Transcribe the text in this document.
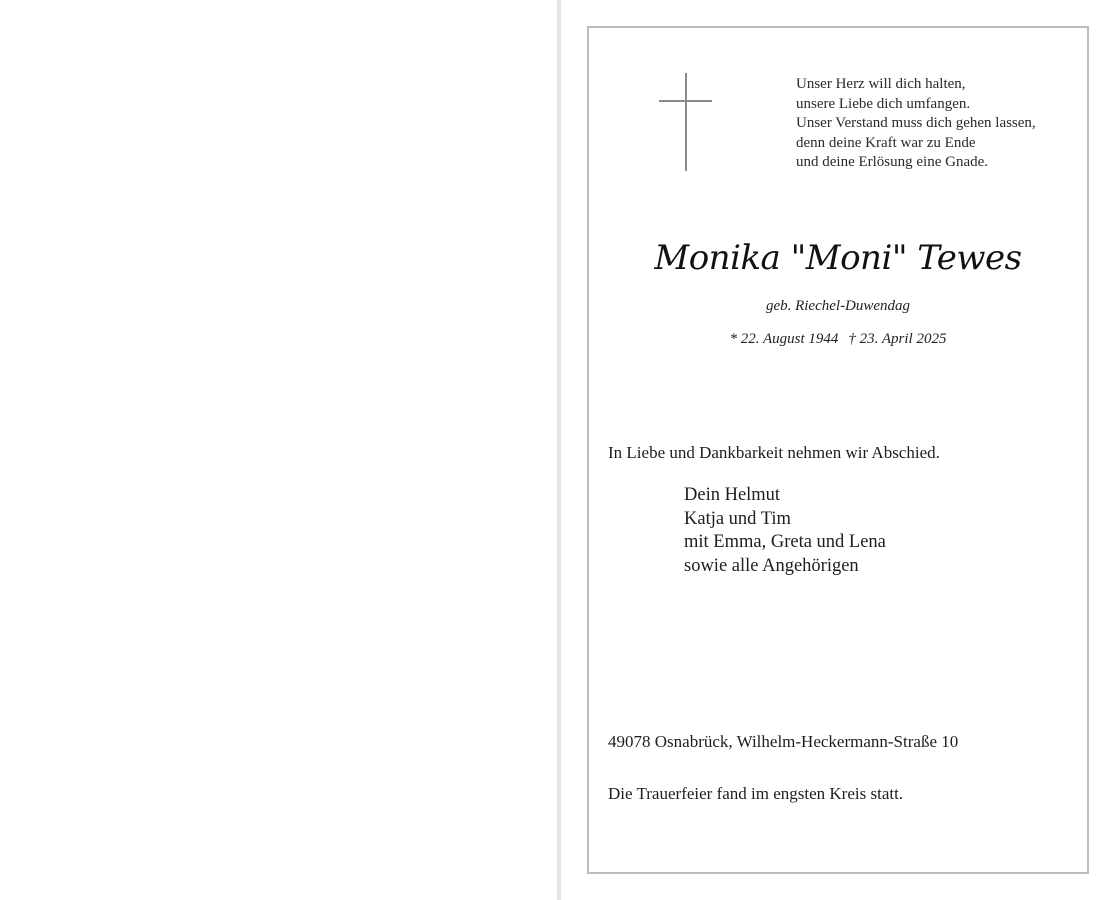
Unser Herz will dich halten,
unsere Liebe dich umfangen.
Unser Verstand muss dich gehen lassen,
denn deine Kraft war zu Ende
und deine Erlösung eine Gnade.
Monika "Moni" Tewes
geb. Riechel-Duwendag
* 22. August 1944 † 23. April 2025
In Liebe und Dankbarkeit nehmen wir Abschied.
Dein Helmut
Katja und Tim
mit Emma, Greta und Lena
sowie alle Angehörigen
49078 Osnabrück, Wilhelm-Heckermann-Straße 10
Die Trauerfeier fand im engsten Kreis statt.
